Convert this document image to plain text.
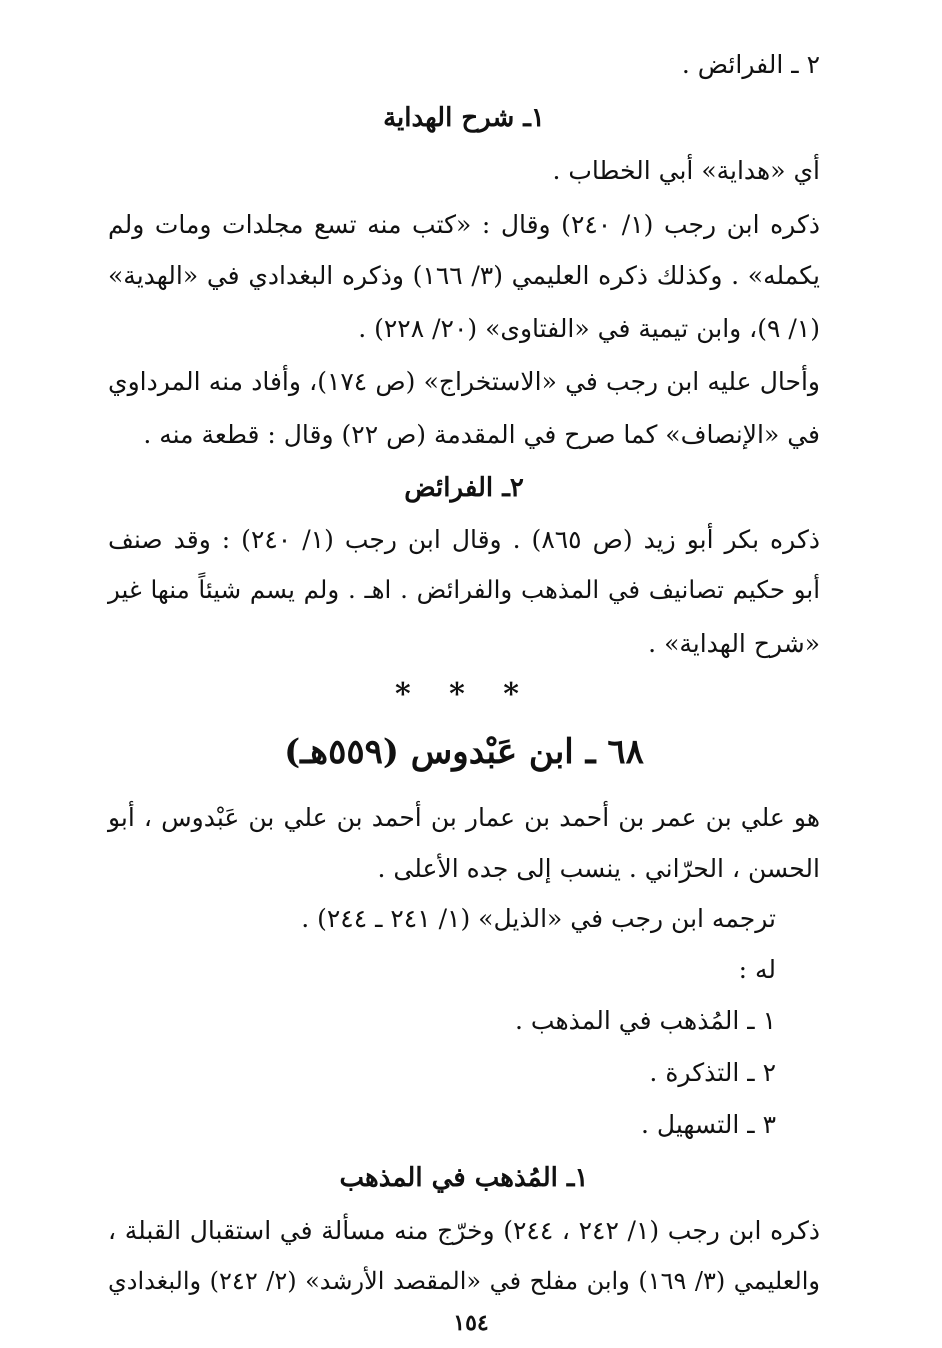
٢ ـ الفرائض .
١ـ شرح الهداية
أي «هداية» أبي الخطاب .
ذكره ابن رجب (١/ ٢٤٠) وقال : «كتب منه تسع مجلدات ومات ولم
يكمله» . وكذلك ذكره العليمي (٣/ ١٦٦) وذكره البغدادي في «الهدية»
(١/ ٩)، وابن تيمية في «الفتاوى» (٢٠/ ٢٢٨) .
وأحال عليه ابن رجب في «الاستخراج» (ص ١٧٤)، وأفاد منه المرداوي
في «الإنصاف» كما صرح في المقدمة (ص ٢٢) وقال : قطعة منه .
٢ـ الفرائض
ذكره بكر أبو زيد (ص ٨٦٥) . وقال ابن رجب (١/ ٢٤٠) : وقد صنف
أبو حكيم تصانيف في المذهب والفرائض . اهـ . ولم يسم شيئاً منها غير
«شرح الهداية» .
* * *
٦٨ ـ ابن عَبْدوس (٥٥٩هـ)
هو علي بن عمر بن أحمد بن عمار بن أحمد بن علي بن عَبْدوس ، أبو
الحسن ، الحرّاني . ينسب إلى جده الأعلى .
ترجمه ابن رجب في «الذيل» (١/ ٢٤١ ـ ٢٤٤) .
له :
١ ـ المُذهب في المذهب .
٢ ـ التذكرة .
٣ ـ التسهيل .
١ـ المُذهب في المذهب
ذكره ابن رجب (١/ ٢٤٢ ، ٢٤٤) وخرّج منه مسألة في استقبال القبلة ،
والعليمي (٣/ ١٦٩) وابن مفلح في «المقصد الأرشد» (٢/ ٢٤٢) والبغدادي
١٥٤
